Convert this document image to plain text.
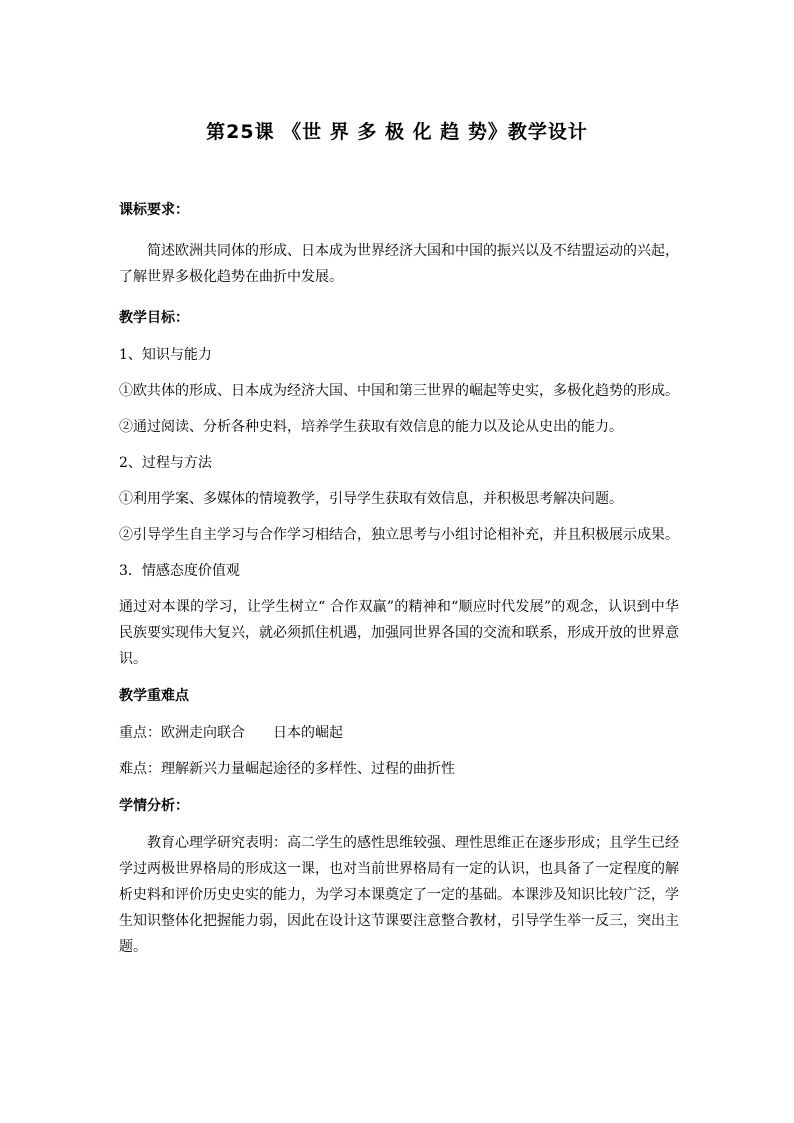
第25课 《世 界 多 极 化 趋 势》教学设计

课标要求：

简述欧洲共同体的形成、日本成为世界经济大国和中国的振兴以及不结盟运动的兴起，了解世界多极化趋势在曲折中发展。

教学目标：

1、知识与能力

①欧共体的形成、日本成为经济大国、中国和第三世界的崛起等史实，多极化趋势的形成。

②通过阅读、分析各种史料，培养学生获取有效信息的能力以及论从史出的能力。

2、过程与方法

①利用学案、多媒体的情境教学，引导学生获取有效信息，并积极思考解决问题。

②引导学生自主学习与合作学习相结合，独立思考与小组讨论相补充，并且积极展示成果。

3．情感态度价值观

通过对本课的学习，让学生树立“ 合作双赢”的精神和“顺应时代发展”的观念，认识到中华民族要实现伟大复兴，就必须抓住机遇，加强同世界各国的交流和联系，形成开放的世界意识。

教学重难点

重点：欧洲走向联合　　日本的崛起

难点：理解新兴力量崛起途径的多样性、过程的曲折性

学情分析：

教育心理学研究表明：高二学生的感性思维较强、理性思维正在逐步形成；且学生已经学过两极世界格局的形成这一课，也对当前世界格局有一定的认识，也具备了一定程度的解析史料和评价历史史实的能力，为学习本课奠定了一定的基础。本课涉及知识比较广泛，学生知识整体化把握能力弱，因此在设计这节课要注意整合教材，引导学生举一反三，突出主题。
